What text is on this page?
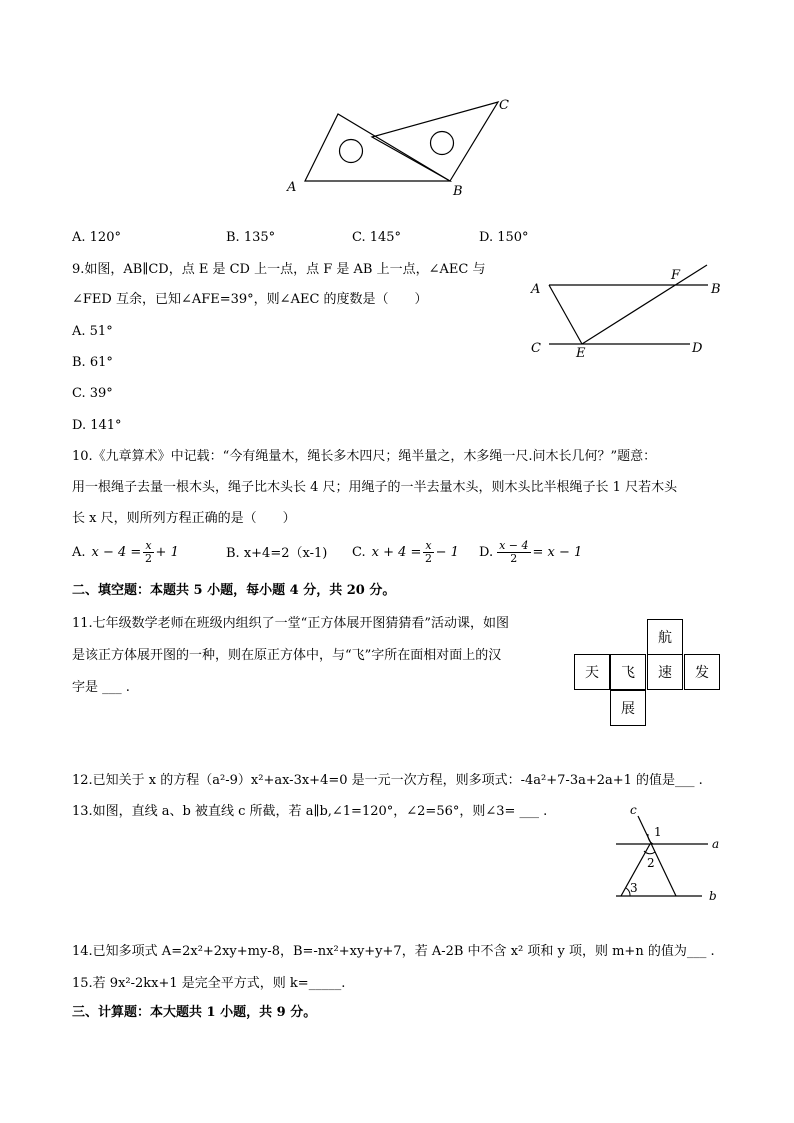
A	B
C
A. 120°	B. 135°	C. 145°	D. 150°
9.如图，AB∥CD，点 E 是 CD 上一点，点 F 是 AB 上一点，∠AEC 与
∠FED 互余，已知∠AFE=39°，则∠AEC 的度数是（　　）
A. 51°
B. 61°
C. 39°
D. 141°
A	B
F
C	E	D
10.《九章算术》中记载：“今有绳量木，绳长多木四尺；绳半量之，木多绳一尺.问木长几何？”题意：
用一根绳子去量一根木头，绳子比木头长 4 尺；用绳子的一半去量木头，则木头比半根绳子长 1 尺若木头
长 x 尺，则所列方程正确的是（　　）
A. $x - 4 = \frac{x}{2} + 1$	B. x+4=2（x-1) C. $x + 4 = \frac{x}{2} - 1$ D. $\frac{x - 4}{2} = x - 1$
二、填空题：本题共 5 小题，每小题 4 分，共 20 分。
11.七年级数学老师在班级内组织了一堂“正方体展开图猜猜看”活动课，如图
是该正方体展开图的一种，则在原正方体中，与“飞”字所在面相对面上的汉
字是 ___ .
航
天	飞	速	发
展
12.已知关于 x 的方程（a²-9）x²+ax-3x+4=0 是一元一次方程，则多项式：-4a²+7-3a+2a+1 的值是___ .
13.如图，直线 a、b 被直线 c 所截，若 a∥b,∠1=120°，∠2=56°，则∠3= ___ .	c
a
b
1
2
3
14.已知多项式 A=2x²+2xy+my-8，B=-nx²+xy+y+7，若 A-2B 中不含 x² 项和 y 项，则 m+n 的值为___ .
15.若 9x²-2kx+1 是完全平方式，则 k=_____.
三、计算题：本大题共 1 小题，共 9 分。
